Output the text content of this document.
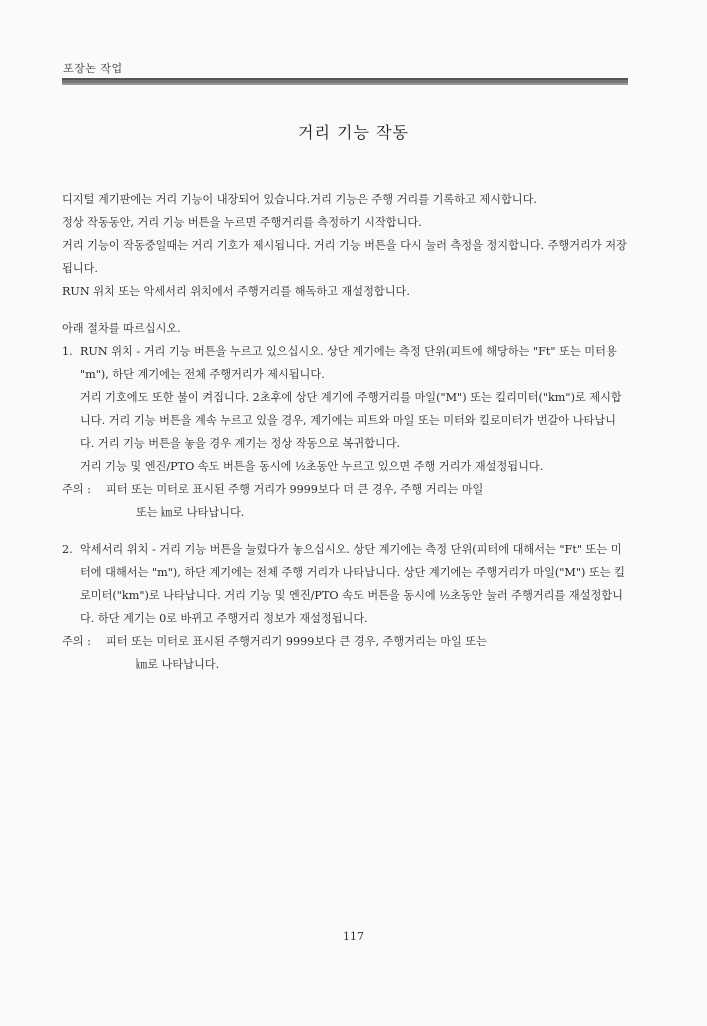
포장논 작업
거리 기능 작동

디지털 계기판에는 거리 기능이 내장되어 있습니다.거리 기능은 주행 거리를 기록하고 제시합니다.

정상 작동동안, 거리 기능 버튼을 누르면 주행거리를 측정하기 시작합니다.

거리 기능이 작동중일때는 거리 기호가 제시됩니다. 거리 기능 버튼을 다시 눌러 측정을 정지합니다. 주행거리가 저장됩니다.

RUN 위치 또는 악세서리 위치에서 주행거리를 해독하고 재설정합니다.

아래 절차를 따르십시오.

1. RUN 위치 - 거리 기능 버튼을 누르고 있으십시오. 상단 계기에는 측정 단위(피트에 해당하는 "Ft" 또는 미터용 "m"), 하단 계기에는 전체 주행거리가 제시됩니다.

거리 기호에도 또한 불이 켜집니다. 2초후에 상단 계기에 주행거리를 마일("M") 또는 킬리미터("km")로 제시합니다. 거리 기능 버튼을 계속 누르고 있을 경우, 계기에는 피트와 마일 또는 미터와 킬로미터가 번갈아 나타납니다. 거리 기능 버튼을 놓을 경우 계기는 정상 작동으로 복귀합니다.

거리 기능 및 엔진/PTO 속도 버튼을 동시에 ½초동안 누르고 있으면 주행 거리가 재설정됩니다.

주의 :	피터 또는 미터로 표시된 주행 거리가 9999보다 더 큰 경우, 주행 거리는 마일

또는 ㎞로 나타납니다.

2. 악세서리 위치 - 거리 기능 버튼을 눌렀다가 놓으십시오. 상단 계기에는 측정 단위(피터에 대해서는 "Ft" 또는 미터에 대해서는 "m"), 하단 계기에는 전체 주행 거리가 나타납니다. 상단 계기에는 주행거리가 마일("M") 또는 킬로미터("km")로 나타납니다. 거리 기능 및 엔진/PTO 속도 버튼을 동시에 ½초동안 눌러 주행거리를 재설정합니다. 하단 계기는 0로 바뀌고 주행거리 정보가 재설정됩니다.

주의 :	피터 또는 미터로 표시된 주행거리기 9999보다 큰 경우, 주행거리는 마일 또는

㎞로 나타납니다.

117
